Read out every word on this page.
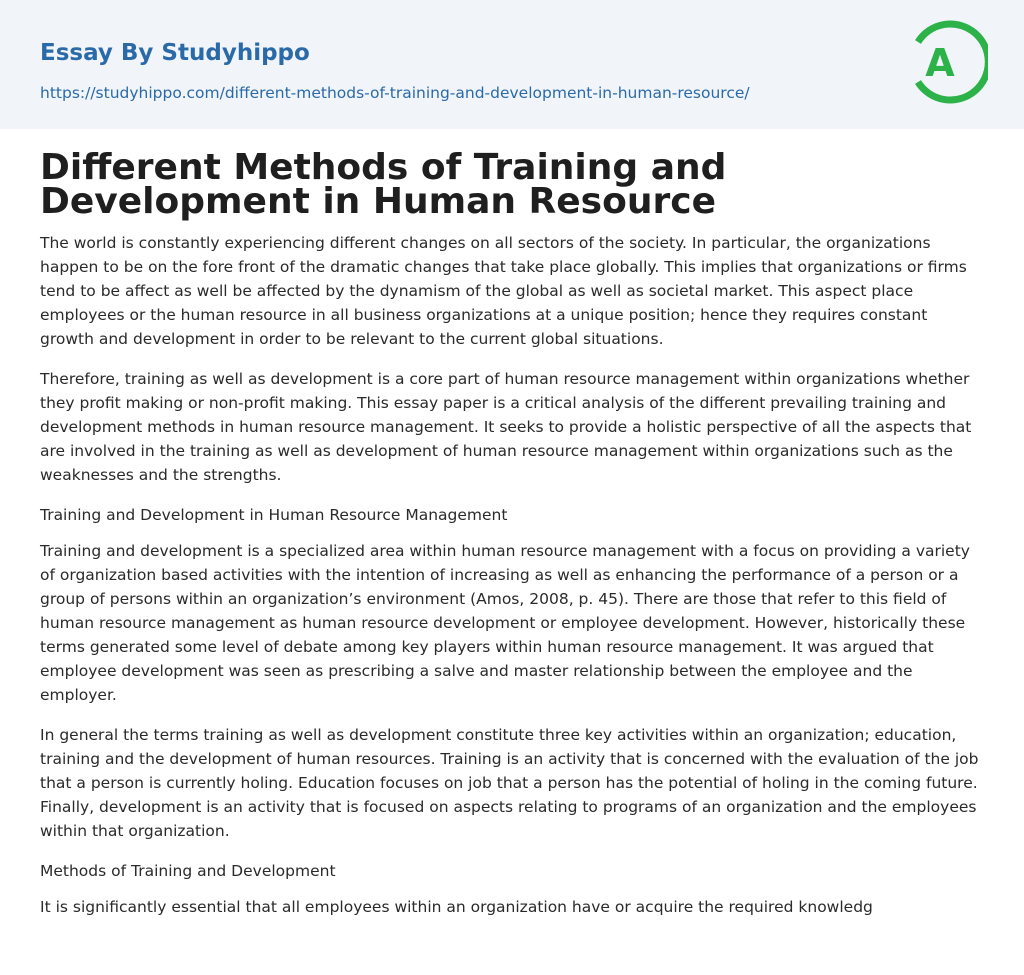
Essay By Studyhippo
https://studyhippo.com/different-methods-of-training-and-development-in-human-resource/
A
Different Methods of Training and Development in Human Resource

The world is constantly experiencing different changes on all sectors of the society. In particular, the organizations happen to be on the fore front of the dramatic changes that take place globally. This implies that organizations or firms tend to be affect as well be affected by the dynamism of the global as well as societal market. This aspect place employees or the human resource in all business organizations at a unique position; hence they requires constant growth and development in order to be relevant to the current global situations.

Therefore, training as well as development is a core part of human resource management within organizations whether they profit making or non-profit making. This essay paper is a critical analysis of the different prevailing training and development methods in human resource management. It seeks to provide a holistic perspective of all the aspects that are involved in the training as well as development of human resource management within organizations such as the weaknesses and the strengths.

Training and Development in Human Resource Management

Training and development is a specialized area within human resource management with a focus on providing a variety of organization based activities with the intention of increasing as well as enhancing the performance of a person or a group of persons within an organization’s environment (Amos, 2008, p. 45). There are those that refer to this field of human resource management as human resource development or employee development. However, historically these terms generated some level of debate among key players within human resource management. It was argued that employee development was seen as prescribing a salve and master relationship between the employee and the employer.

In general the terms training as well as development constitute three key activities within an organization; education, training and the development of human resources. Training is an activity that is concerned with the evaluation of the job that a person is currently holing. Education focuses on job that a person has the potential of holing in the coming future. Finally, development is an activity that is focused on aspects relating to programs of an organization and the employees within that organization.

Methods of Training and Development

It is significantly essential that all employees within an organization have or acquire the required knowledg
